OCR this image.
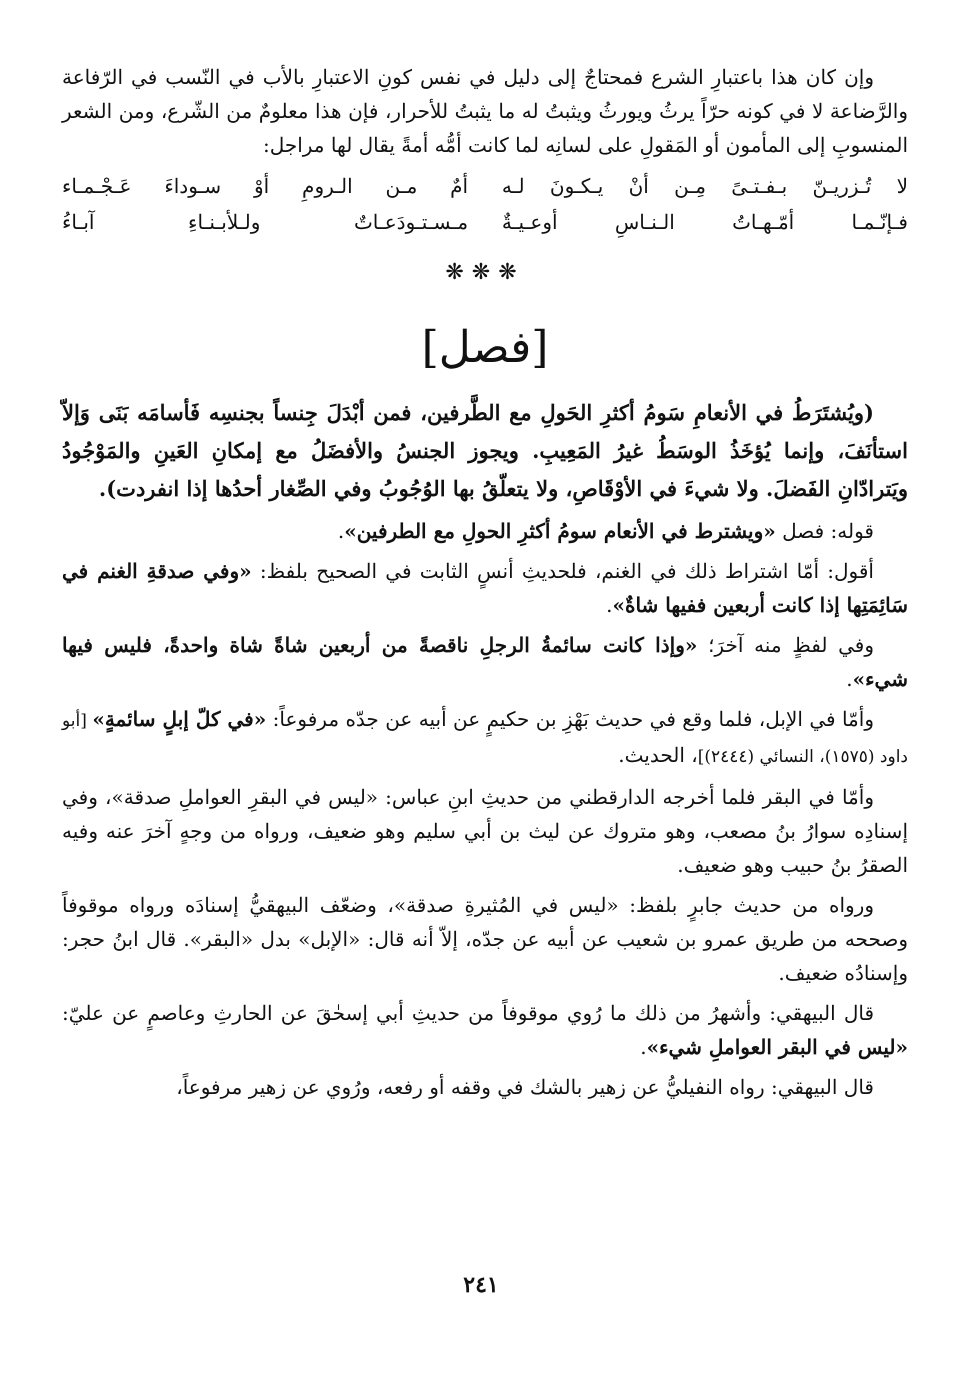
وإن كان هذا باعتبارِ الشرع فمحتاجٌ إلى دليل في نفس كونِ الاعتبارِ بالأب في النّسب في الرّفاعة والرَّضاعة لا في كونه حرّاً يرثُ ويورثُ ويثبتُ له ما يثبتُ للأحرار، فإن هذا معلومٌ من الشّرع، ومن الشعر المنسوبِ إلى المأمون أو المَقولِ على لسانِه لما كانت أمُّه أمةً يقال لها مراجل:

لا تُـزريـنّ بـفـتـىً مِـن أنْ يـكـونَ لـه
أمٌ مـن الـرومِ أوْ سـوداءَ عَـجْـمـاء
فـإنّـمـا أمّـهـاتُ الـنـاسِ أوعـيـةٌ
مـسـتـودَعـاتٌ ولـلأبـنـاءِ آبـاءُ
❋❋❋
[فصل]

(ويُشتَرَطُ في الأنعامِ سَومُ أكثرِ الحَولِ مع الطَّرفين، فمن أبْدَلَ جِنساً بجنسِه فَأسامَه بَنَى وَإلاّ استأنَفَ، وإنما يُؤخَذُ الوسَطُ غيرُ المَعِيبِ. ويجوز الجنسُ والأفضَلُ مع إمكانِ العَينِ والمَوْجُودُ ويَترادّانِ الفَضلَ. ولا شيءَ في الأوْقَاصِ، ولا يتعلّقُ بها الوُجُوبُ وفي الصِّغار أحدُها إذا انفردت).

قوله: فصل «ويشترط في الأنعام سومُ أكثرِ الحولِ مع الطرفين».

أقول: أمّا اشتراط ذلك في الغنم، فلحديثِ أنسٍ الثابت في الصحيح بلفظ: «وفي صدقةِ الغنم في سَائِمَتِها إذا كانت أربعين ففيها شاةٌ».

وفي لفظٍ منه آخرَ؛ «وإذا كانت سائمةُ الرجلِ ناقصةً من أربعين شاةً شاة واحدةً، فليس فيها شيء».

وأمّا في الإبل، فلما وقع في حديث بَهْزِ بن حكيمٍ عن أبيه عن جدّه مرفوعاً: «في كلّ إبلٍ سائمةٍ» [أبو داود (١٥٧٥)، النسائي (٢٤٤٤)]، الحديث.

وأمّا في البقر فلما أخرجه الدارقطني من حديثِ ابنِ عباس: «ليس في البقرِ العواملِ صدقة»، وفي إسنادِه سوارُ بنُ مصعب، وهو متروك عن ليث بن أبي سليم وهو ضعيف، ورواه من وجهٍ آخرَ عنه وفيه الصقرُ بنُ حبيب وهو ضعيف.

ورواه من حديث جابرٍ بلفظ: «ليس في المُثيرةِ صدقة»، وضعّف البيهقيُّ إسنادَه ورواه موقوفاً وصححه من طريق عمرو بن شعيب عن أبيه عن جدّه، إلاّ أنه قال: «الإبل» بدل «البقر». قال ابنُ حجر: وإسنادُه ضعيف.

قال البيهقي: وأشهرُ من ذلك ما رُوي موقوفاً من حديثِ أبي إسحٰقَ عن الحارثِ وعاصمٍ عن عليّ: «ليس في البقر العواملِ شيء».

قال البيهقي: رواه النفيليُّ عن زهير بالشك في وقفه أو رفعه، ورُوي عن زهير مرفوعاً،

٢٤١
